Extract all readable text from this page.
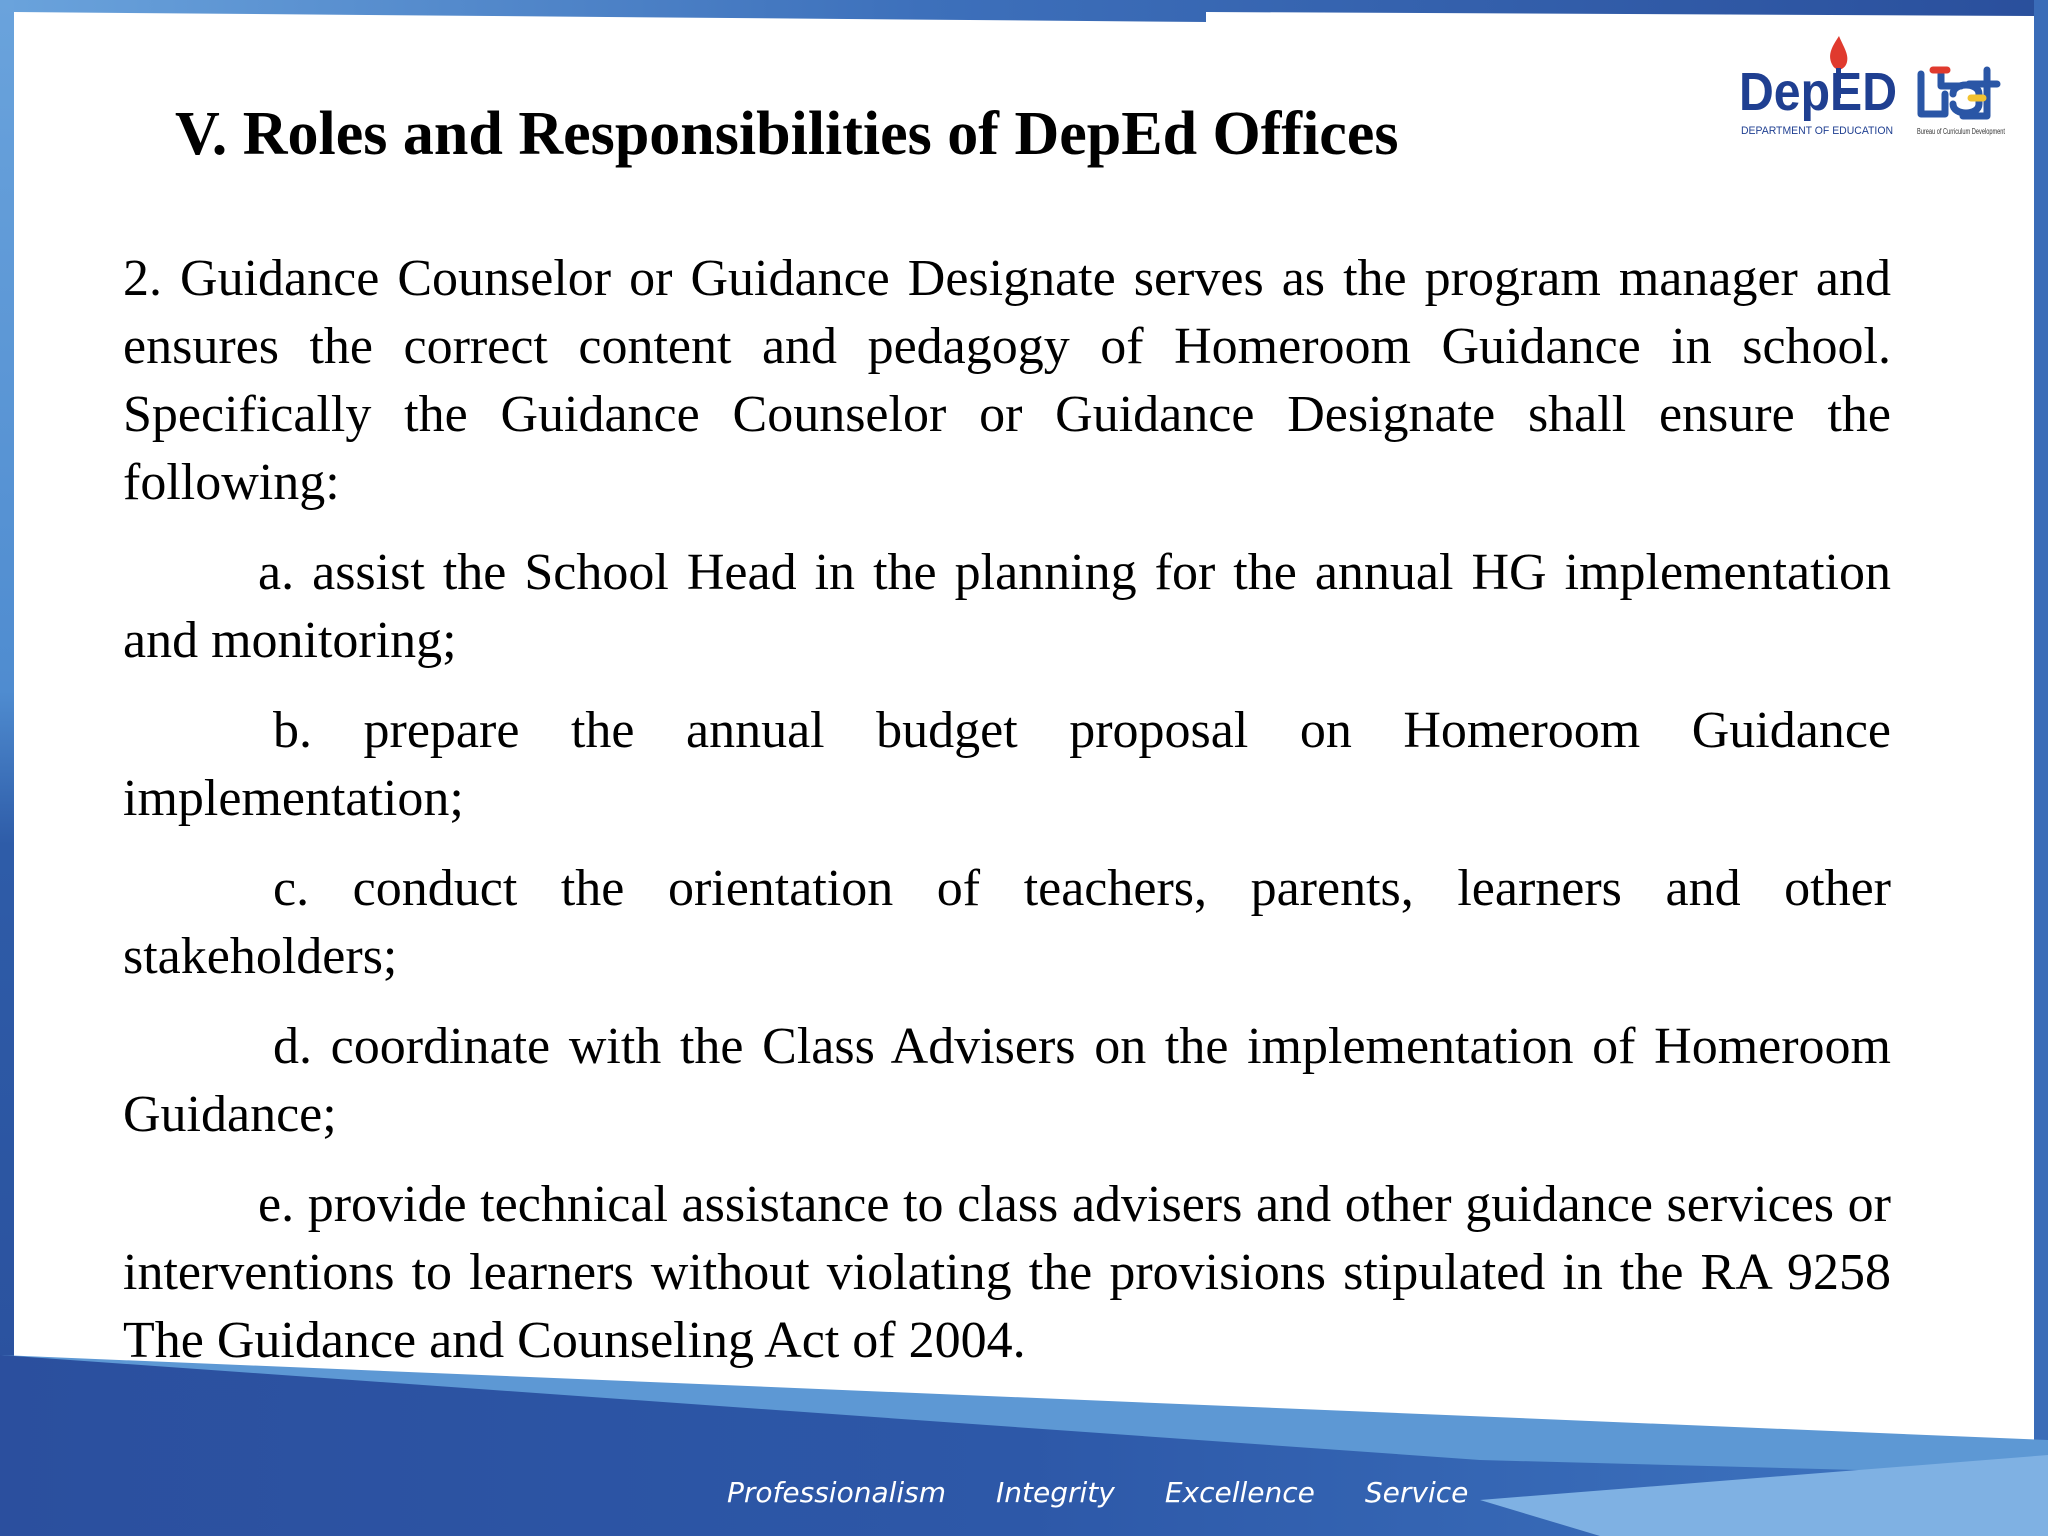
V. Roles and Responsibilities of DepEd Offices
DepED
DEPARTMENT OF EDUCATION	Bureau of Curriculum Development

2. Guidance Counselor or Guidance Designate serves as the program manager and ensures the correct content and pedagogy of Homeroom Guidance in school. Specifically the Guidance Counselor or Guidance Designate shall ensure the following:

a. assist the School Head in the planning for the annual HG implementation and monitoring;

b. prepare the annual budget proposal on Homeroom Guidance implementation;

c. conduct the orientation of teachers, parents, learners and other stakeholders;

d. coordinate with the Class Advisers on the implementation of Homeroom Guidance;

e. provide technical assistance to class advisers and other guidance services or interventions to learners without violating the provisions stipulated in the RA 9258 The Guidance and Counseling Act of 2004.

Professionalism Integrity Excellence Service
